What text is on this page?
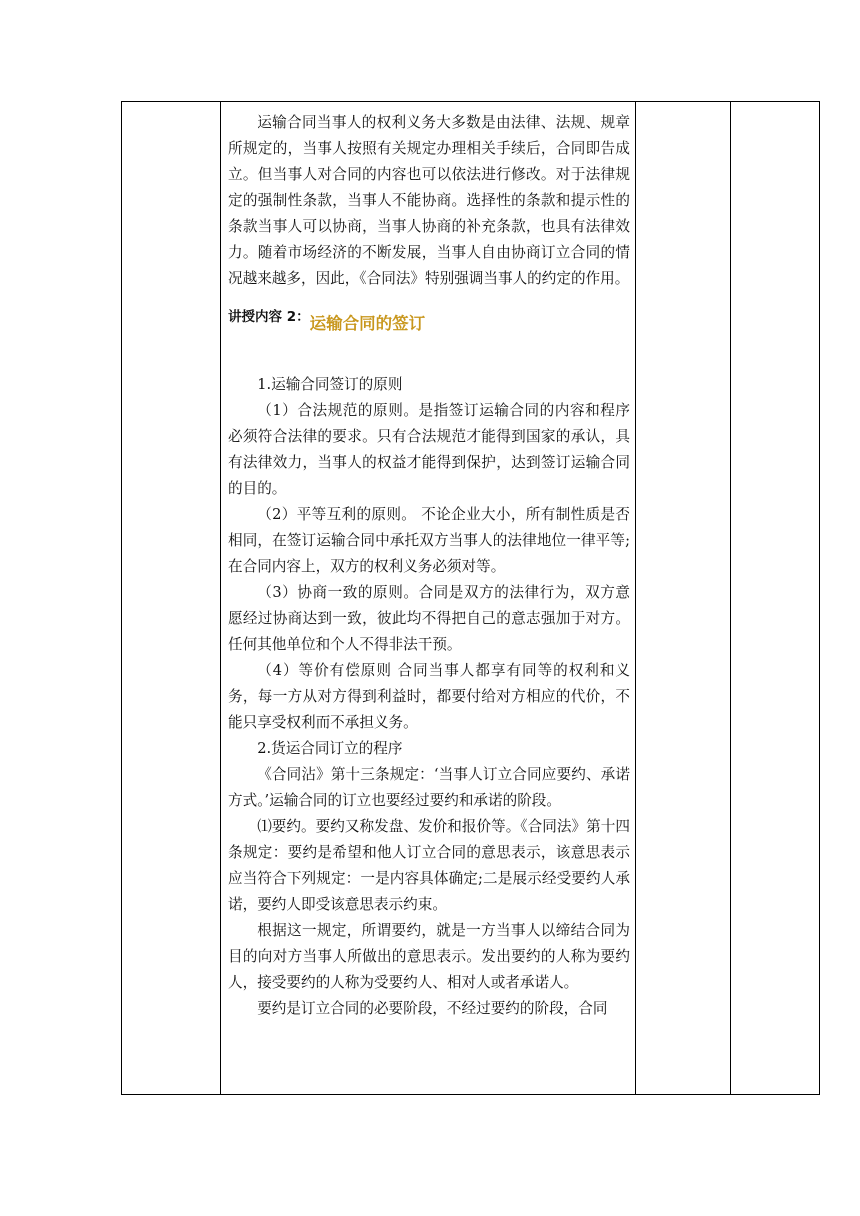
运输合同当事人的权利义务大多数是由法律、法规、规章所规定的，当事人按照有关规定办理相关手续后，合同即告成立。但当事人对合同的内容也可以依法进行修改。对于法律规定的强制性条款，当事人不能协商。选择性的条款和提示性的条款当事人可以协商，当事人协商的补充条款，也具有法律效力。随着市场经济的不断发展，当事人自由协商订立合同的情况越来越多，因此，《合同法》特别强调当事人的约定的作用。

讲授内容 2： 运输合同的签订

1.运输合同签订的原则

（1）合法规范的原则。是指签订运输合同的内容和程序必须符合法律的要求。只有合法规范才能得到国家的承认，具有法律效力，当事人的权益才能得到保护，达到签订运输合同的目的。

（2）平等互利的原则。 不论企业大小，所有制性质是否相同，在签订运输合同中承托双方当事人的法律地位一律平等;在合同内容上，双方的权利义务必须对等。

（3）协商一致的原则。合同是双方的法律行为，双方意愿经过协商达到一致，彼此均不得把自己的意志强加于对方。任何其他单位和个人不得非法干预。

（4）等价有偿原则 合同当事人都享有同等的权利和义务，每一方从对方得到利益时，都要付给对方相应的代价，不能只享受权利而不承担义务。

2.货运合同订立的程序

《合同沾》第十三条规定：‘当事人订立合同应要约、承诺方式。’运输合同的订立也要经过要约和承诺的阶段。

⑴要约。要约又称发盘、发价和报价等。《合同法》第十四条规定：要约是希望和他人订立合同的意思表示，该意思表示应当符合下列规定：一是内容具体确定;二是展示经受要约人承诺，要约人即受该意思表示约束。

根据这一规定，所谓要约，就是一方当事人以缔结合同为目的向对方当事人所做出的意思表示。发出要约的人称为要约人，接受要约的人称为受要约人、相对人或者承诺人。

要约是订立合同的必要阶段，不经过要约的阶段，合同
